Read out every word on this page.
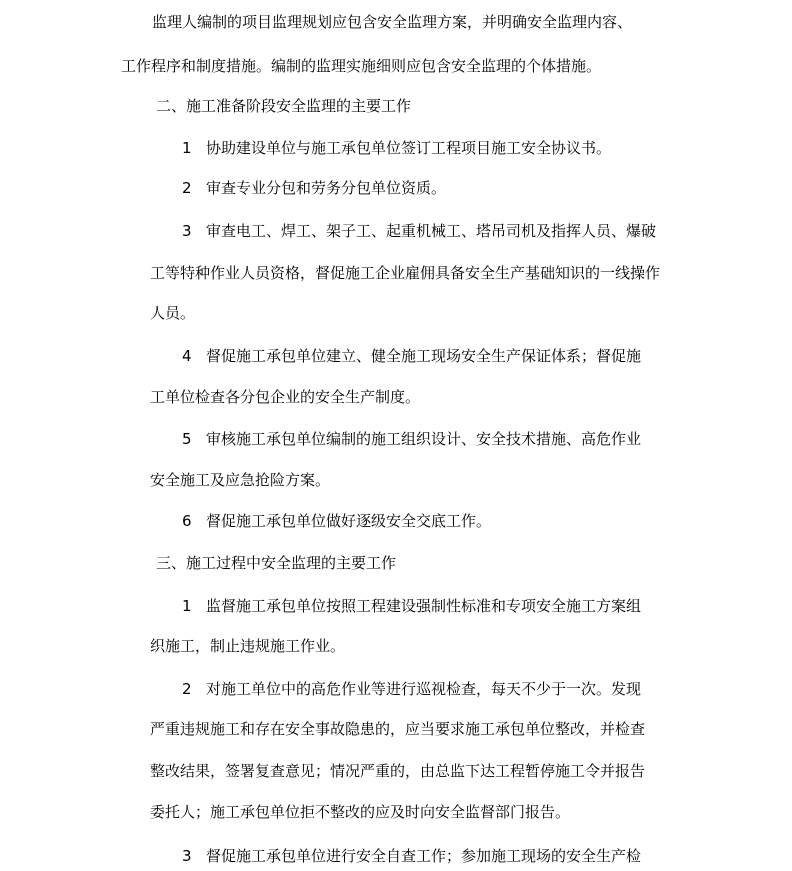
监理人编制的项目监理规划应包含安全监理方案，并明确安全监理内容、
工作程序和制度措施。编制的监理实施细则应包含安全监理的个体措施。
二、施工准备阶段安全监理的主要工作
1 协助建设单位与施工承包单位签订工程项目施工安全协议书。
2 审查专业分包和劳务分包单位资质。
3 审查电工、焊工、架子工、起重机械工、塔吊司机及指挥人员、爆破
工等特种作业人员资格，督促施工企业雇佣具备安全生产基础知识的一线操作
人员。
4 督促施工承包单位建立、健全施工现场安全生产保证体系；督促施
工单位检查各分包企业的安全生产制度。
5 审核施工承包单位编制的施工组织设计、安全技术措施、高危作业
安全施工及应急抢险方案。
6 督促施工承包单位做好逐级安全交底工作。
三、施工过程中安全监理的主要工作
1 监督施工承包单位按照工程建设强制性标准和专项安全施工方案组
织施工，制止违规施工作业。
2 对施工单位中的高危作业等进行巡视检查，每天不少于一次。发现
严重违规施工和存在安全事故隐患的，应当要求施工承包单位整改，并检查
整改结果，签署复查意见；情况严重的，由总监下达工程暂停施工令并报告
委托人；施工承包单位拒不整改的应及时向安全监督部门报告。
3 督促施工承包单位进行安全自查工作；参加施工现场的安全生产检
